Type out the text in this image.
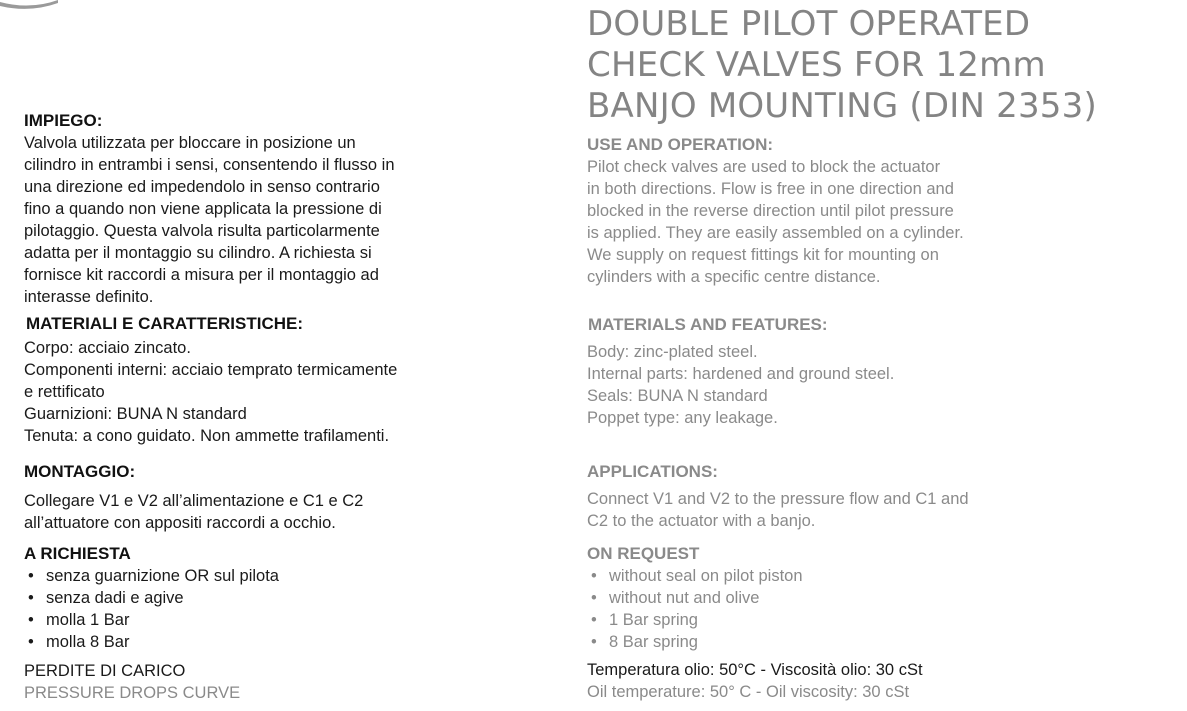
DOUBLE PILOT OPERATED
CHECK VALVES FOR 12mm
BANJO MOUNTING (DIN 2353)

IMPIEGO:

Valvola utilizzata per bloccare in posizione un
cilindro in entrambi i sensi, consentendo il flusso in
una direzione ed impedendolo in senso contrario
fino a quando non viene applicata la pressione di
pilotaggio. Questa valvola risulta particolarmente
adatta per il montaggio su cilindro. A richiesta si
fornisce kit raccordi a misura per il montaggio ad
interasse definito.

MATERIALI E CARATTERISTICHE:

Corpo: acciaio zincato.
Componenti interni: acciaio temprato termicamente
e rettificato
Guarnizioni: BUNA N standard
Tenuta: a cono guidato. Non ammette trafilamenti.

MONTAGGIO:

Collegare V1 e V2 all’alimentazione e C1 e C2
all’attuatore con appositi raccordi a occhio.

A RICHIESTA

• senza guarnizione OR sul pilota
• senza dadi e agive
• molla 1 Bar
• molla 8 Bar

PERDITE DI CARICO

PRESSURE DROPS CURVE

USE AND OPERATION:

Pilot check valves are used to block the actuator
in both directions. Flow is free in one direction and
blocked in the reverse direction until pilot pressure
is applied. They are easily assembled on a cylinder.
We supply on request fittings kit for mounting on
cylinders with a specific centre distance.

MATERIALS AND FEATURES:

Body: zinc-plated steel.
Internal parts: hardened and ground steel.
Seals: BUNA N standard
Poppet type: any leakage.

APPLICATIONS:

Connect V1 and V2 to the pressure flow and C1 and
C2 to the actuator with a banjo.

ON REQUEST

• without seal on pilot piston
• without nut and olive
• 1 Bar spring
• 8 Bar spring

Temperatura olio: 50°C - Viscosità olio: 30 cSt

Oil temperature: 50° C - Oil viscosity: 30 cSt
